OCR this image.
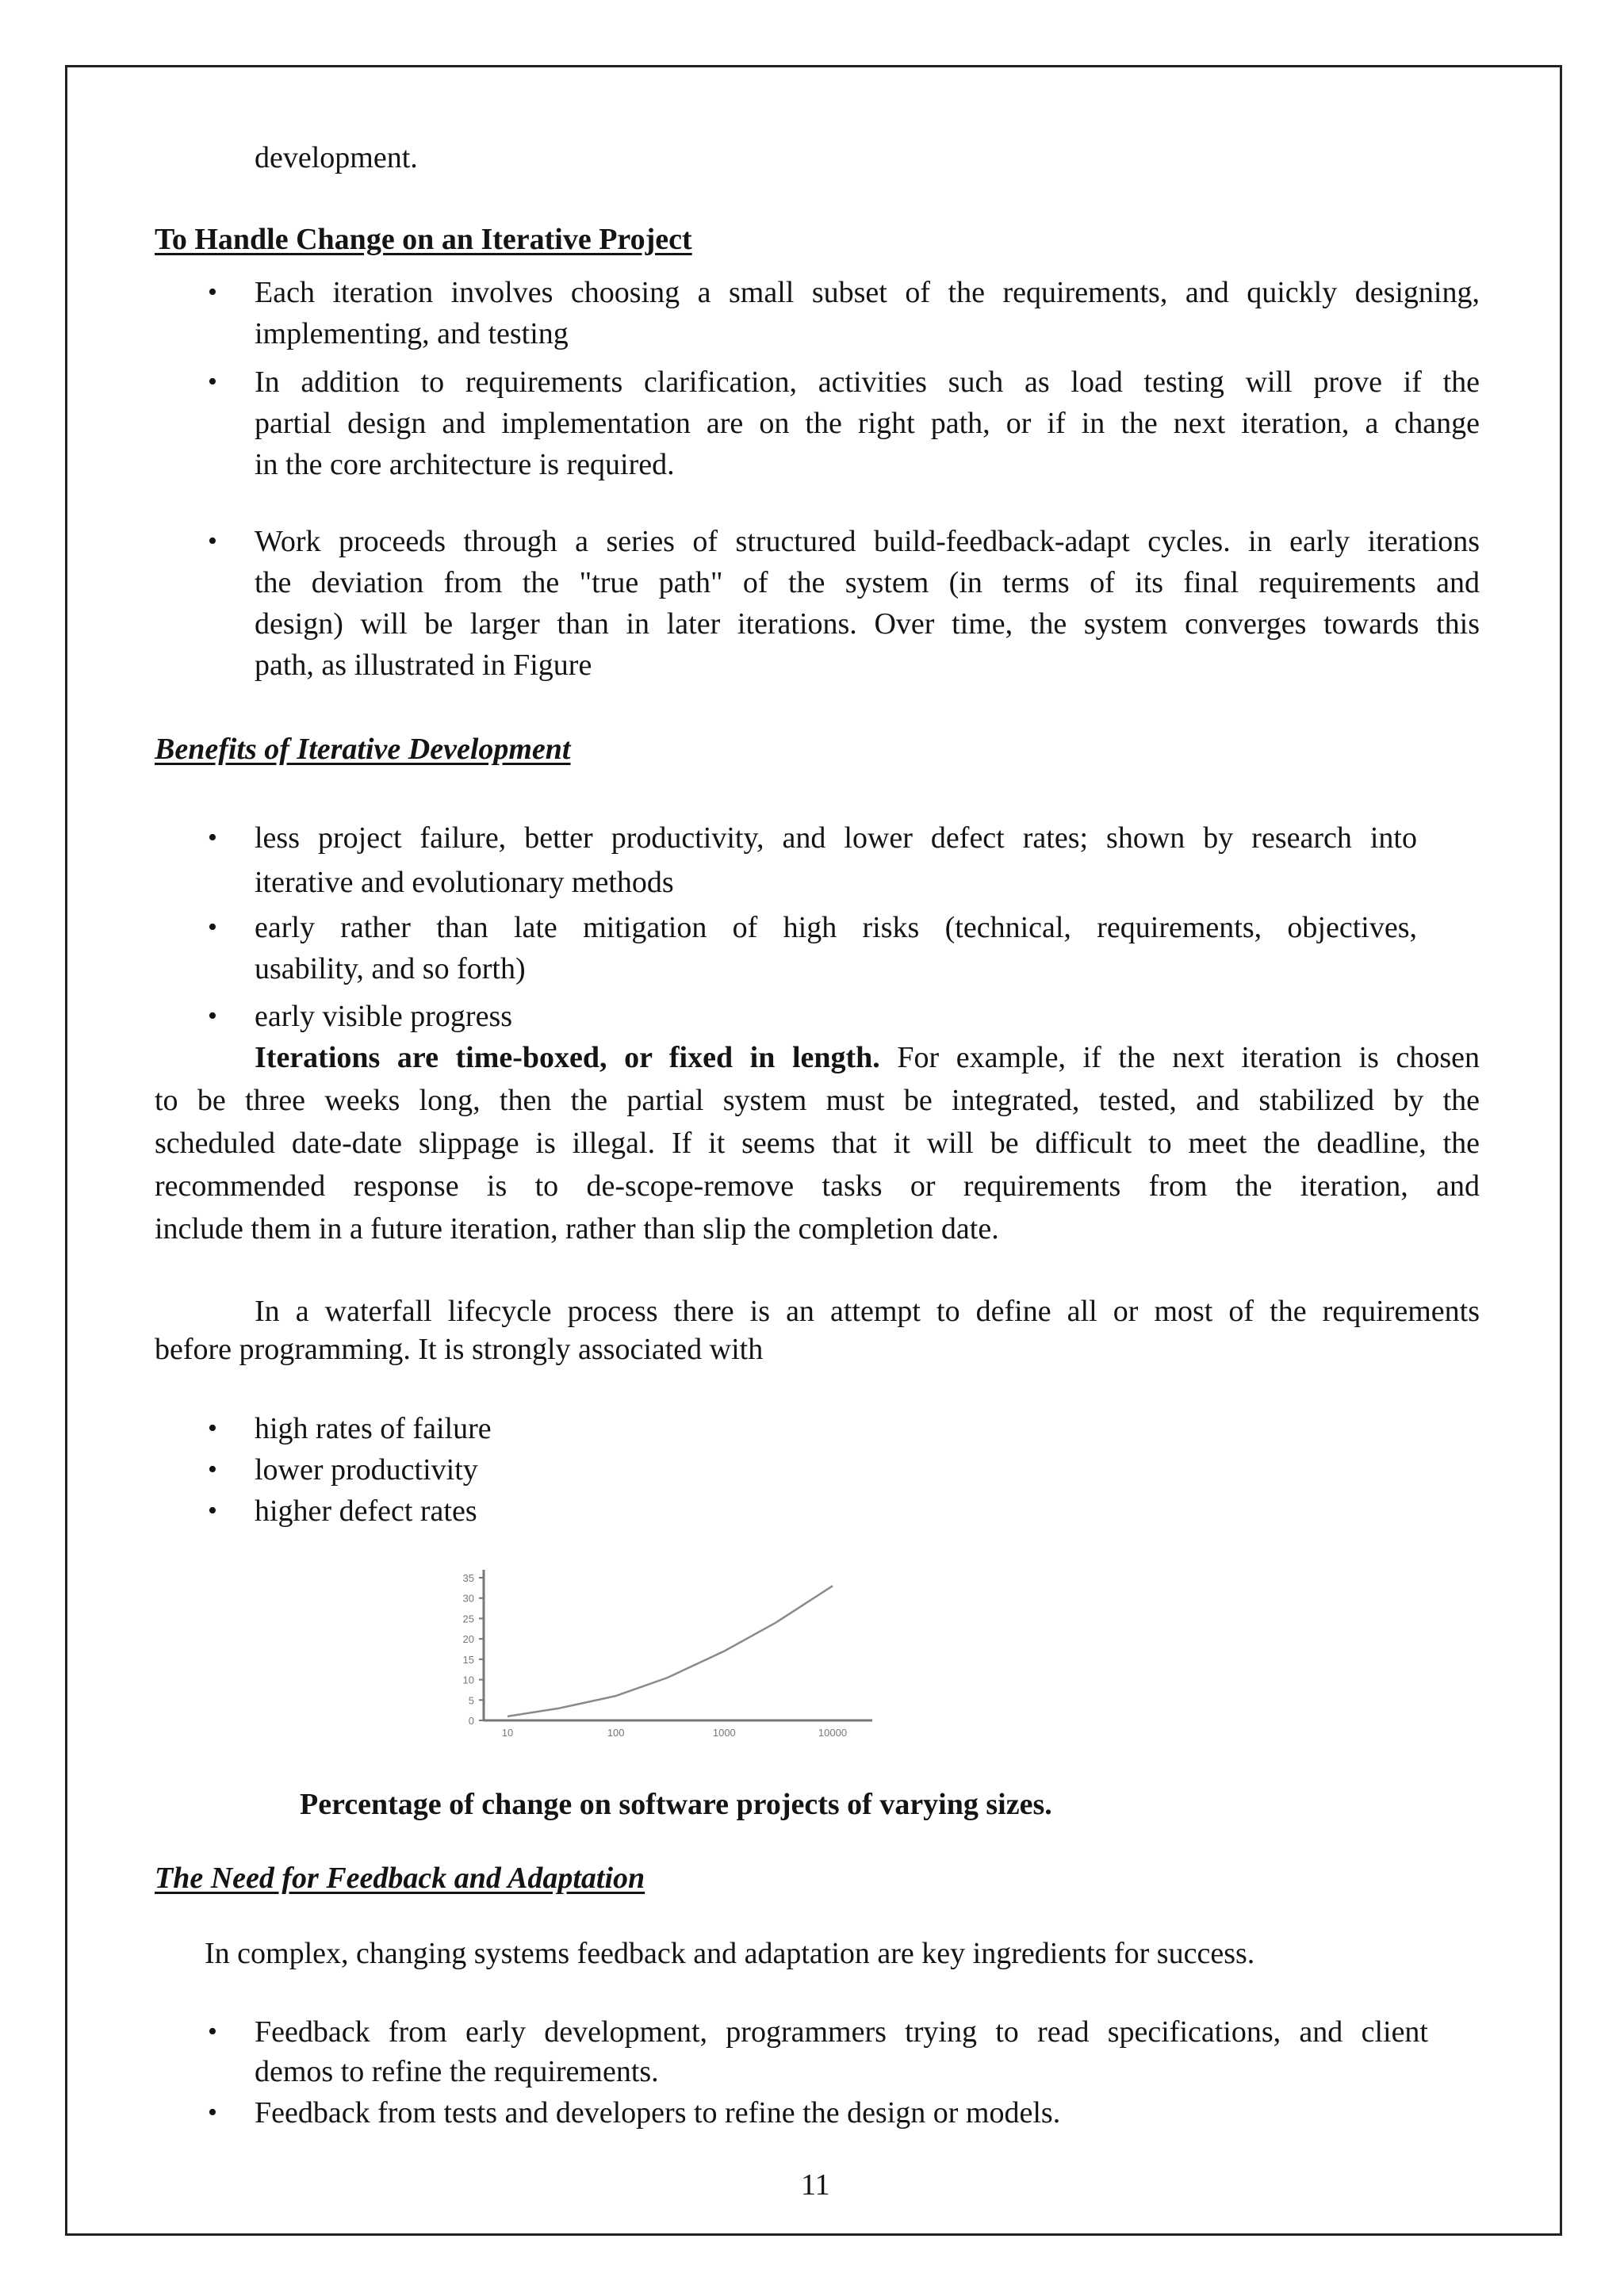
development.
To Handle Change on an Iterative Project
• Each iteration involves choosing a small subset of the requirements, and quickly designing,
implementing, and testing
• In addition to requirements clarification, activities such as load testing will prove if the
partial design and implementation are on the right path, or if in the next iteration, a change
in the core architecture is required.
• Work proceeds through a series of structured build-feedback-adapt cycles. in early iterations
the deviation from the "true path" of the system (in terms of its final requirements and
design) will be larger than in later iterations. Over time, the system converges towards this
path, as illustrated in Figure
Benefits of Iterative Development
• less project failure, better productivity, and lower defect rates; shown by research into
iterative and evolutionary methods
• early rather than late mitigation of high risks (technical, requirements, objectives,
usability, and so forth)
• early visible progress
Iterations are time-boxed, or fixed in length. For example, if the next iteration is chosen
to be three weeks long, then the partial system must be integrated, tested, and stabilized by the
scheduled date-date slippage is illegal. If it seems that it will be difficult to meet the deadline, the
recommended response is to de-scope-remove tasks or requirements from the iteration, and
include them in a future iteration, rather than slip the completion date.
In a waterfall lifecycle process there is an attempt to define all or most of the requirements
before programming. It is strongly associated with
• high rates of failure
• lower productivity
• higher defect rates
0
5
10
15
20
25
30
35
10	100	1000	10000
Percentage of change on software projects of varying sizes.
The Need for Feedback and Adaptation
In complex, changing systems feedback and adaptation are key ingredients for success.
• Feedback from early development, programmers trying to read specifications, and client
demos to refine the requirements.
• Feedback from tests and developers to refine the design or models.
11
